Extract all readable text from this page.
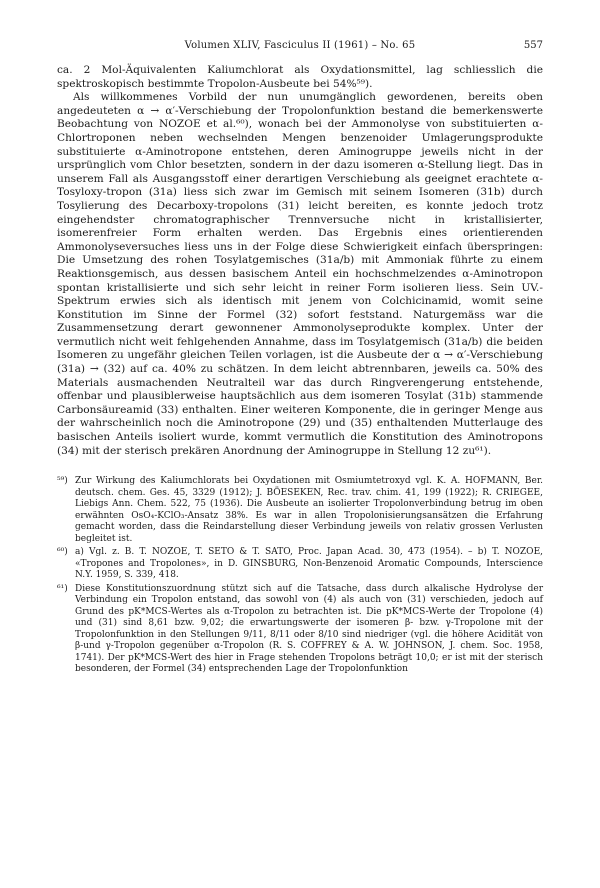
Volumen XLIV, Fasciculus II (1961) – No. 65	557

ca. 2 Mol-Äquivalenten Kaliumchlorat als Oxydationsmittel, lag schliesslich die spektroskopisch bestimmte Tropolon-Ausbeute bei 54%⁵⁹).

Als willkommenes Vorbild der nun unumgänglich gewordenen, bereits oben angedeuteten α → α′-Verschiebung der Tropolonfunktion bestand die bemerkenswerte Beobachtung von NOZOE et al.⁶⁰), wonach bei der Ammonolyse von substituierten α-Chlortroponen neben wechselnden Mengen benzenoider Umlagerungsprodukte substituierte α-Aminotropone entstehen, deren Aminogruppe jeweils nicht in der ursprünglich vom Chlor besetzten, sondern in der dazu isomeren α-Stellung liegt. Das in unserem Fall als Ausgangsstoff einer derartigen Verschiebung als geeignet erachtete α-Tosyloxy-tropon (31a) liess sich zwar im Gemisch mit seinem Isomeren (31b) durch Tosylierung des Decarboxy-tropolons (31) leicht bereiten, es konnte jedoch trotz eingehendster chromatographischer Trennversuche nicht in kristallisierter, isomerenfreier Form erhalten werden. Das Ergebnis eines orientierenden Ammonolyseversuches liess uns in der Folge diese Schwierigkeit einfach überspringen: Die Umsetzung des rohen Tosylatgemisches (31a/b) mit Ammoniak führte zu einem Reaktionsgemisch, aus dessen basischem Anteil ein hochschmelzendes α-Aminotropon spontan kristallisierte und sich sehr leicht in reiner Form isolieren liess. Sein UV.-Spektrum erwies sich als identisch mit jenem von Colchicinamid, womit seine Konstitution im Sinne der Formel (32) sofort feststand. Naturgemäss war die Zusammensetzung derart gewonnener Ammonolyseprodukte komplex. Unter der vermutlich nicht weit fehlgehenden Annahme, dass im Tosylatgemisch (31a/b) die beiden Isomeren zu ungefähr gleichen Teilen vorlagen, ist die Ausbeute der α → α′-Verschiebung (31a) → (32) auf ca. 40% zu schätzen. In dem leicht abtrennbaren, jeweils ca. 50% des Materials ausmachenden Neutralteil war das durch Ringverengerung entstehende, offenbar und plausiblerweise hauptsächlich aus dem isomeren Tosylat (31b) stammende Carbonsäureamid (33) enthalten. Einer weiteren Komponente, die in geringer Menge aus der wahrscheinlich noch die Aminotropone (29) und (35) enthaltenden Mutterlauge des basischen Anteils isoliert wurde, kommt vermutlich die Konstitution des Aminotropons (34) mit der sterisch prekären Anordnung der Aminogruppe in Stellung 12 zu⁶¹).

⁵⁹) Zur Wirkung des Kaliumchlorats bei Oxydationen mit Osmiumtetroxyd vgl. K. A. HOFMANN, Ber. deutsch. chem. Ges. 45, 3329 (1912); J. BÖESEKEN, Rec. trav. chim. 41, 199 (1922); R. CRIEGEE, Liebigs Ann. Chem. 522, 75 (1936). Die Ausbeute an isolierter Tropolonverbindung betrug im oben erwähnten OsO₄-KClO₃-Ansatz 38%. Es war in allen Tropolonisierungsansätzen die Erfahrung gemacht worden, dass die Reindarstellung dieser Verbindung jeweils von relativ grossen Verlusten begleitet ist.
⁶⁰) a) Vgl. z. B. T. NOZOE, T. SETO & T. SATO, Proc. Japan Acad. 30, 473 (1954). – b) T. NOZOE, «Tropones and Tropolones», in D. GINSBURG, Non-Benzenoid Aromatic Compounds, Interscience N.Y. 1959, S. 339, 418.
⁶¹) Diese Konstitutionszuordnung stützt sich auf die Tatsache, dass durch alkalische Hydrolyse der Verbindung ein Tropolon entstand, das sowohl von (4) als auch von (31) verschieden, jedoch auf Grund des pK*MCS-Wertes als α-Tropolon zu betrachten ist. Die pK*MCS-Werte der Tropolone (4) und (31) sind 8,61 bzw. 9,02; die erwartungswerte der isomeren β- bzw. γ-Tropolone mit der Tropolonfunktion in den Stellungen 9/11, 8/11 oder 8/10 sind niedriger (vgl. die höhere Acidität von β-und γ-Tropolon gegenüber α-Tropolon (R. S. COFFREY & A. W. JOHNSON, J. chem. Soc. 1958, 1741). Der pK*MCS-Wert des hier in Frage stehenden Tropolons beträgt 10,0; er ist mit der sterisch besonderen, der Formel (34) entsprechenden Lage der Tropolonfunktion
